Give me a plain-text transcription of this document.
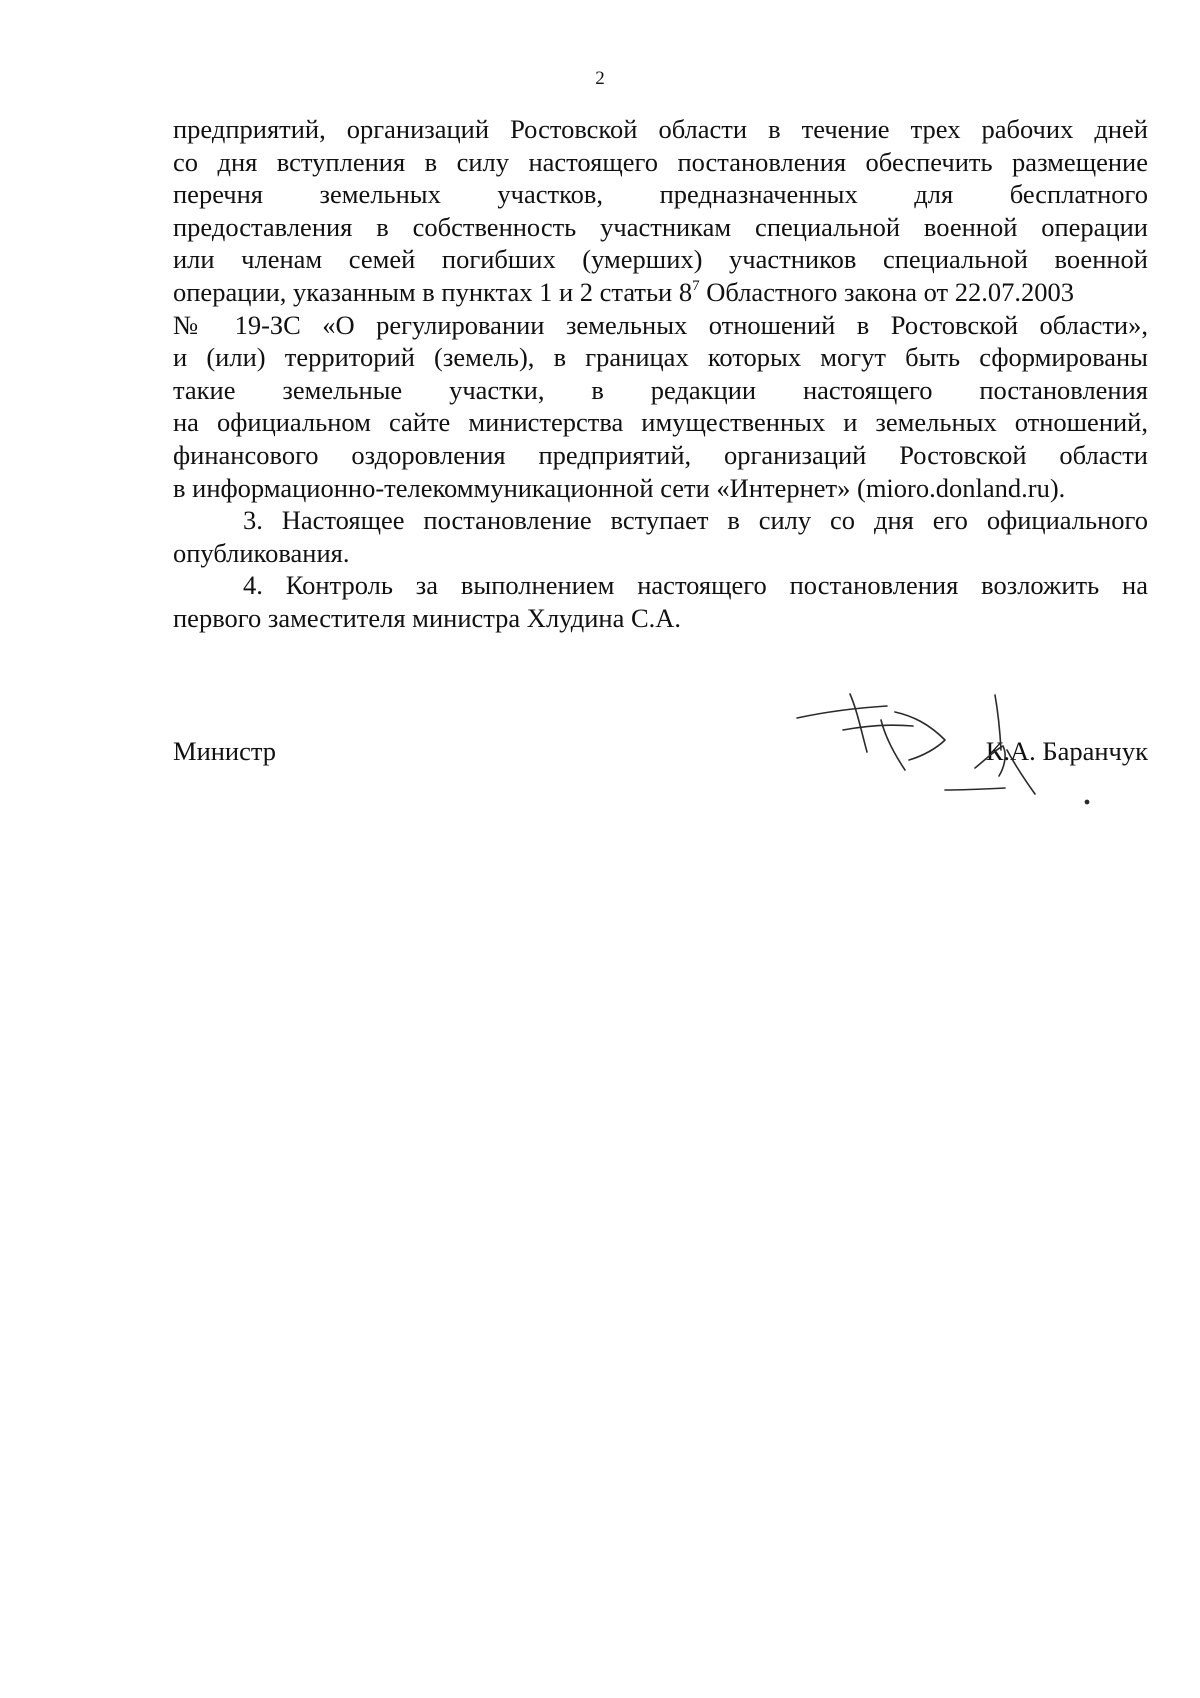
2
предприятий, организаций Ростовской области в течение трех рабочих дней
со дня вступления в силу настоящего постановления обеспечить размещение
перечня земельных участков, предназначенных для бесплатного
предоставления в собственность участникам специальной военной операции
или членам семей погибших (умерших) участников специальной военной
операции, указанным в пунктах 1 и 2 статьи $8^7$ Областного закона от 22.07.2003
№ 19-ЗС «О регулировании земельных отношений в Ростовской области»,
и (или) территорий (земель), в границах которых могут быть сформированы
такие земельные участки, в редакции настоящего постановления
на официальном сайте министерства имущественных и земельных отношений,
финансового оздоровления предприятий, организаций Ростовской области
в информационно-телекоммуникационной сети «Интернет» (mioro.donland.ru).
3. Настоящее постановление вступает в силу со дня его официального
опубликования.
4. Контроль за выполнением настоящего постановления возложить на
первого заместителя министра Хлудина С.А.
Министр	К.А. Баранчук
